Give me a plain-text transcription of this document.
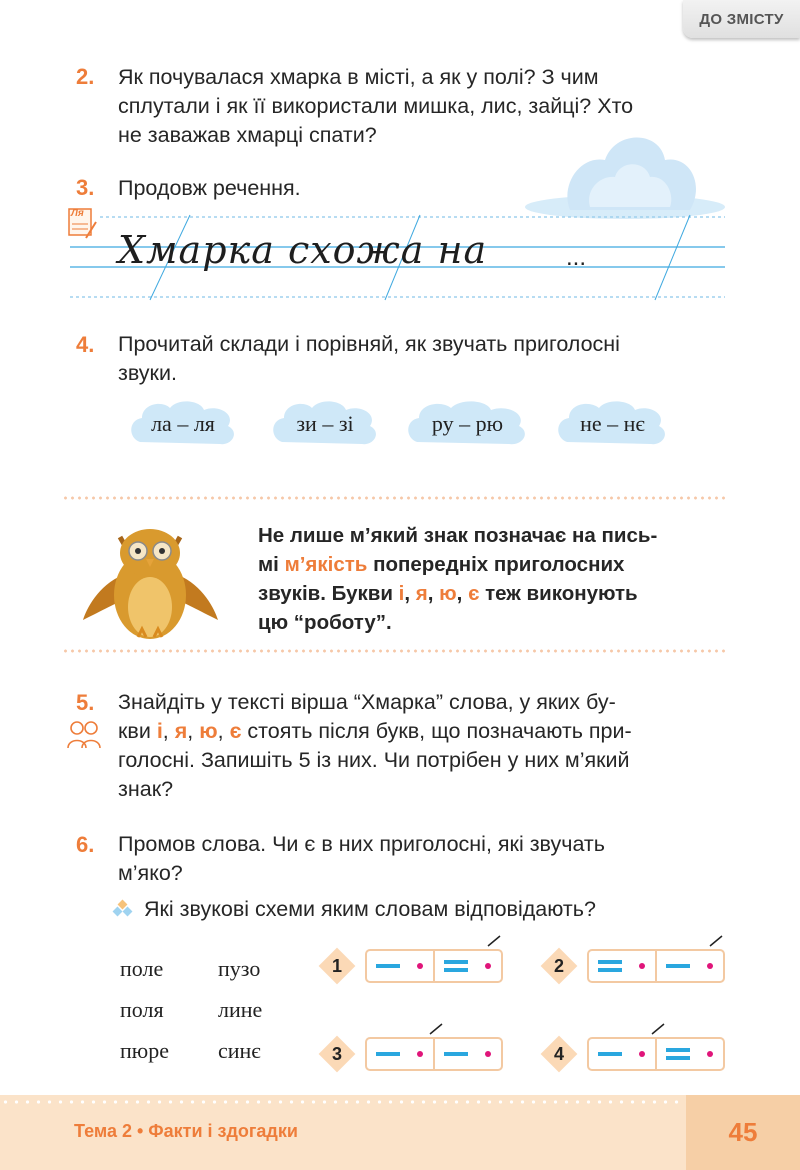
ДО ЗМІСТУ
2. Як почувалася хмарка в місті, а як у полі? З чим
сплутали і як її використали мишка, лис, зайці? Хто
не заважав хмарці спати?
3. Продовж речення.
Ля
Хмарка схожа на	...
4. Прочитай склади і порівняй, як звучать приголосні
звуки.
ла – ля	зи – зі	ру – рю	не – нє
Не лише м’який знак позначає на пись-
мі м’якість попередніх приголосних
звуків. Букви і, я, ю, є теж виконують
цю “роботу”.
5. Знайдіть у тексті вірша “Хмарка” слова, у яких бу-
кви і, я, ю, є стоять після букв, що позначають при-
голосні. Запишіть 5 із них. Чи потрібен у них м’який
знак?
6. Промов слова. Чи є в них приголосні, які звучать
м’яко?
Які звукові схеми яким словам відповідають?
поле пузо
поля лине
пюре синє
1	2
3	4
Тема 2 • Факти і здогадки	45
